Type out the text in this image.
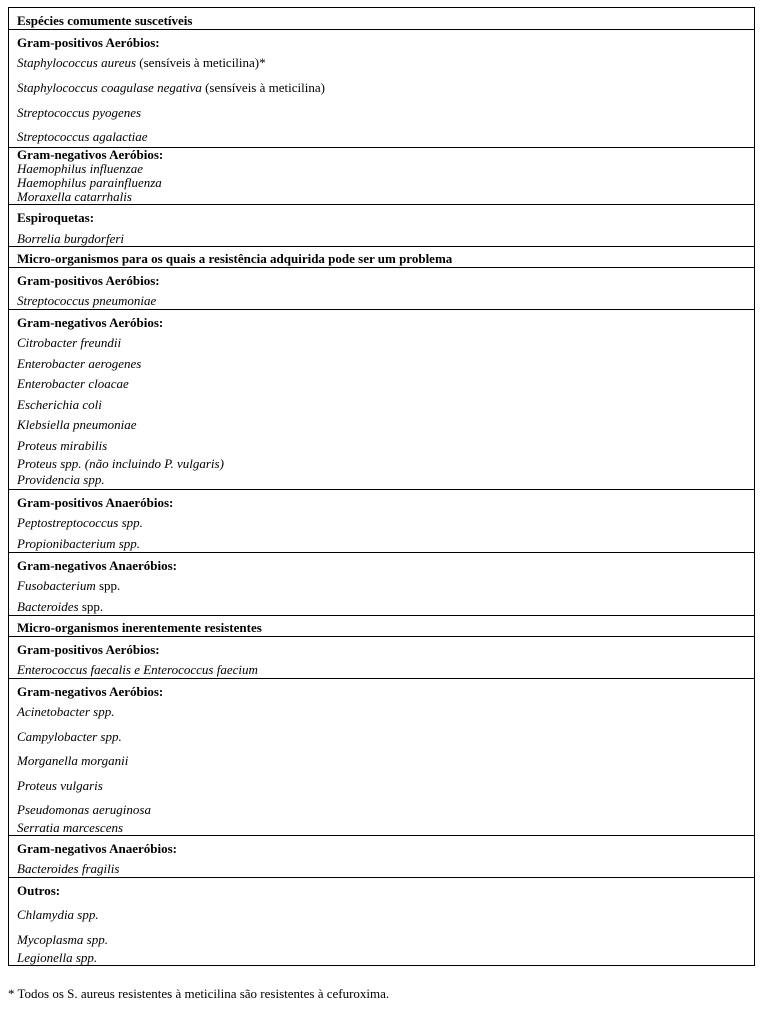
Espécies comumente suscetíveis
Gram-positivos Aeróbios:
Staphylococcus aureus (sensíveis à meticilina)*
Staphylococcus coagulase negativa (sensíveis à meticilina)
Streptococcus pyogenes
Streptococcus agalactiae
Gram-negativos Aeróbios:
Haemophilus influenzae
Haemophilus parainfluenza
Moraxella catarrhalis
Espiroquetas:
Borrelia burgdorferi
Micro-organismos para os quais a resistência adquirida pode ser um problema
Gram-positivos Aeróbios:
Streptococcus pneumoniae
Gram-negativos Aeróbios:
Citrobacter freundii
Enterobacter aerogenes
Enterobacter cloacae
Escherichia coli
Klebsiella pneumoniae
Proteus mirabilis
Proteus spp. (não incluindo P. vulgaris)
Providencia spp.
Gram-positivos Anaeróbios:
Peptostreptococcus spp.
Propionibacterium spp.
Gram-negativos Anaeróbios:
Fusobacterium spp.
Bacteroides spp.
Micro-organismos inerentemente resistentes
Gram-positivos Aeróbios:
Enterococcus faecalis e Enterococcus faecium
Gram-negativos Aeróbios:
Acinetobacter spp.
Campylobacter spp.
Morganella morganii
Proteus vulgaris
Pseudomonas aeruginosa
Serratia marcescens
Gram-negativos Anaeróbios:
Bacteroides fragilis
Outros:
Chlamydia spp.
Mycoplasma spp.
Legionella spp.
* Todos os S. aureus resistentes à meticilina são resistentes à cefuroxima.
